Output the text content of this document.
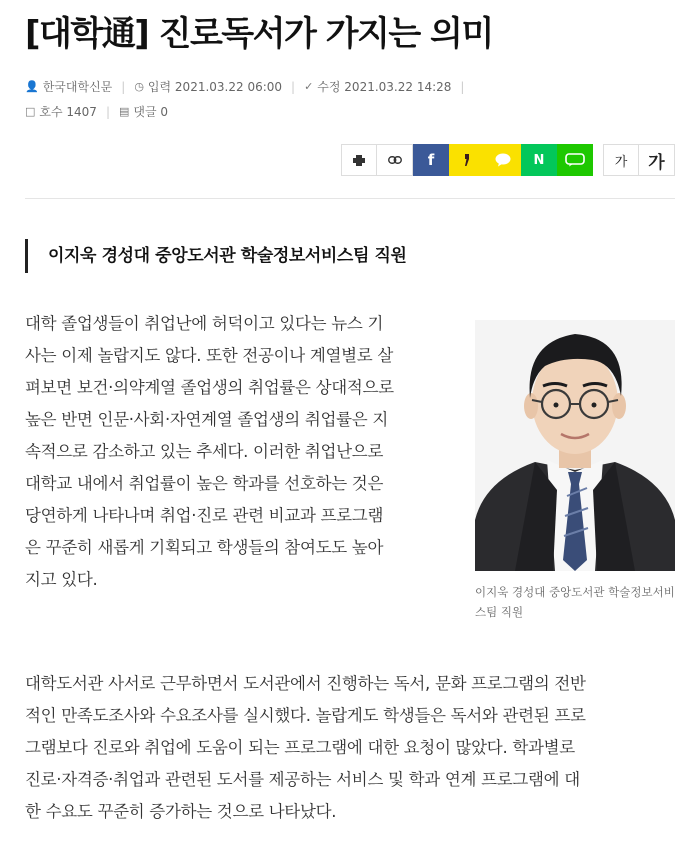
[대학通] 진로독서가 가지는 의미
👤 한국대학신문 | ◷ 입력 2021.03.22 06:00 | ✓ 수정 2021.03.22 14:28 |
□ 호수 1407 | ▤ 댓글 0
f	N	가	가
이지욱 경성대 중앙도서관 학술정보서비스팀 직원
대학 졸업생들이 취업난에 허덕이고 있다는 뉴스 기
사는 이제 놀랍지도 않다. 또한 전공이나 계열별로 살
펴보면 보건·의약계열 졸업생의 취업률은 상대적으로
높은 반면 인문·사회·자연계열 졸업생의 취업률은 지
속적으로 감소하고 있는 추세다. 이러한 취업난으로
대학교 내에서 취업률이 높은 학과를 선호하는 것은
당연하게 나타나며 취업·진로 관련 비교과 프로그램
은 꾸준히 새롭게 기획되고 학생들의 참여도도 높아
지고 있다.
이지욱 경성대 중앙도서관 학술정보서비스팀 직원
대학도서관 사서로 근무하면서 도서관에서 진행하는 독서, 문화 프로그램의 전반
적인 만족도조사와 수요조사를 실시했다. 놀랍게도 학생들은 독서와 관련된 프로
그램보다 진로와 취업에 도움이 되는 프로그램에 대한 요청이 많았다. 학과별로
진로·자격증·취업과 관련된 도서를 제공하는 서비스 및 학과 연계 프로그램에 대
한 수요도 꾸준히 증가하는 것으로 나타났다.
